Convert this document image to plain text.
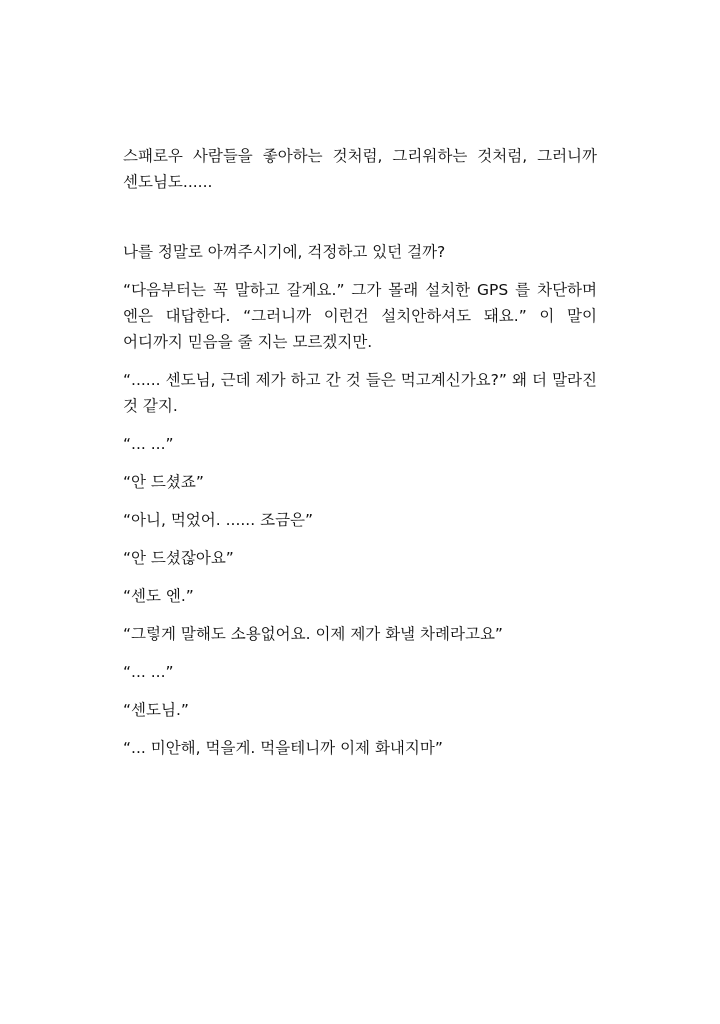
스패로우 사람들을 좋아하는 것처럼, 그리워하는 것처럼, 그러니까 센도님도......

나를 정말로 아껴주시기에, 걱정하고 있던 걸까?

“다음부터는 꼭 말하고 갈게요.” 그가 몰래 설치한 GPS 를 차단하며 엔은 대답한다. “그러니까 이런건 설치안하셔도 돼요.” 이 말이 어디까지 믿음을 줄 지는 모르겠지만.

“...... 센도님, 근데 제가 하고 간 것 들은 먹고계신가요?” 왜 더 말라진 것 같지.

“... ...”

“안 드셨죠”

“아니, 먹었어. ...... 조금은”

“안 드셨잖아요”

“센도 엔.”

“그렇게 말해도 소용없어요. 이제 제가 화낼 차례라고요”

“... ...”

“센도님.”

“... 미안해, 먹을게. 먹을테니까 이제 화내지마”
